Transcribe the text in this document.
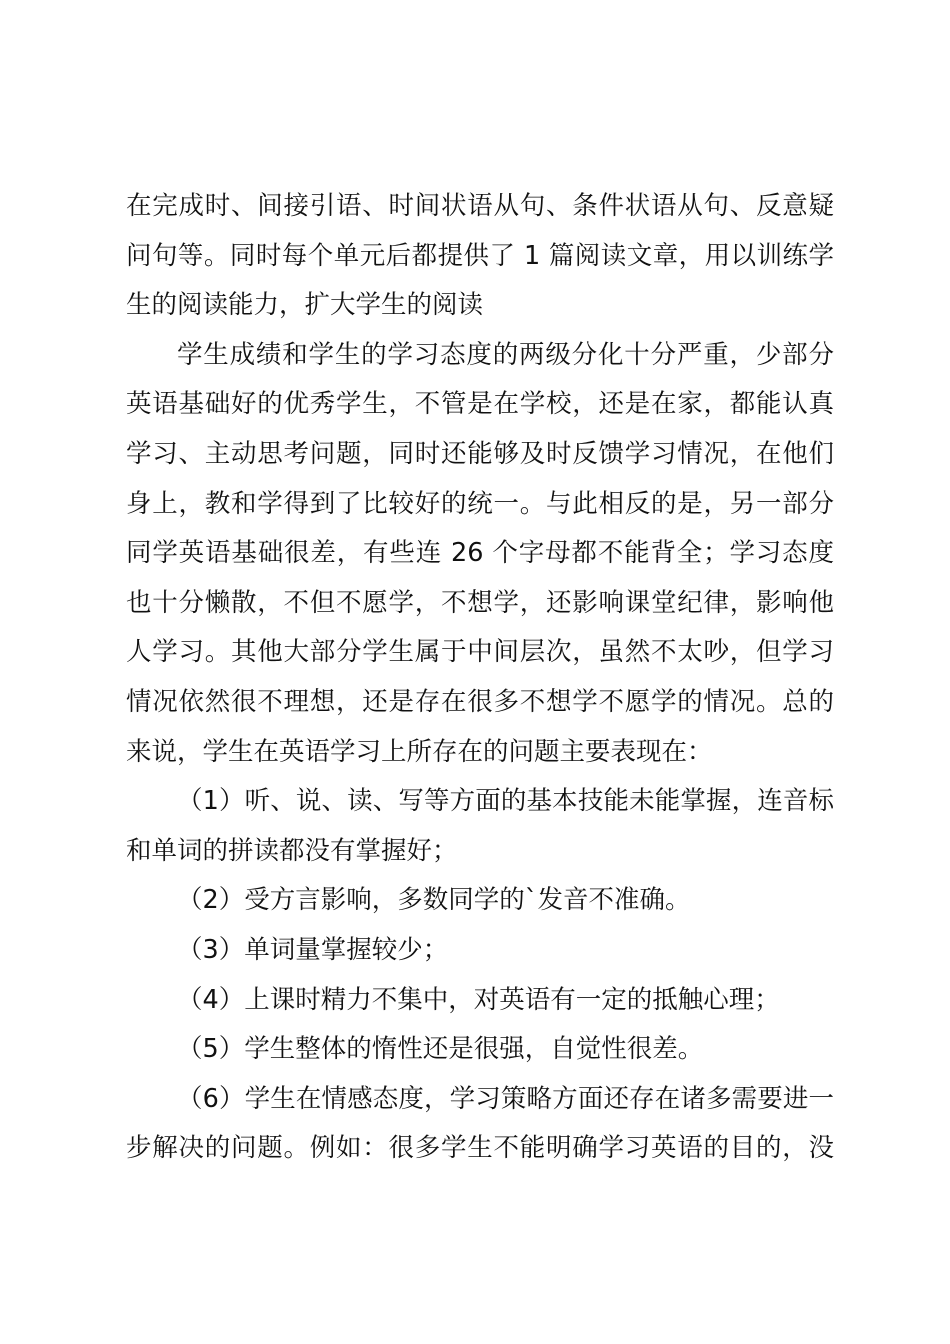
在完成时、间接引语、时间状语从句、条件状语从句、反意疑
问句等。同时每个单元后都提供了 1 篇阅读文章，用以训练学
生的阅读能力，扩大学生的阅读
学生成绩和学生的学习态度的两级分化十分严重，少部分
英语基础好的优秀学生，不管是在学校，还是在家，都能认真
学习、主动思考问题，同时还能够及时反馈学习情况，在他们
身上，教和学得到了比较好的统一。与此相反的是，另一部分
同学英语基础很差，有些连 26 个字母都不能背全；学习态度
也十分懒散，不但不愿学，不想学，还影响课堂纪律，影响他
人学习。其他大部分学生属于中间层次，虽然不太吵，但学习
情况依然很不理想，还是存在很多不想学不愿学的情况。总的
来说，学生在英语学习上所存在的问题主要表现在：
（1）听、说、读、写等方面的基本技能未能掌握，连音标
和单词的拼读都没有掌握好；
（2）受方言影响，多数同学的`发音不准确。
（3）单词量掌握较少；
（4）上课时精力不集中，对英语有一定的抵触心理；
（5）学生整体的惰性还是很强，自觉性很差。
（6）学生在情感态度，学习策略方面还存在诸多需要进一
步解决的问题。例如：很多学生不能明确学习英语的目的，没
